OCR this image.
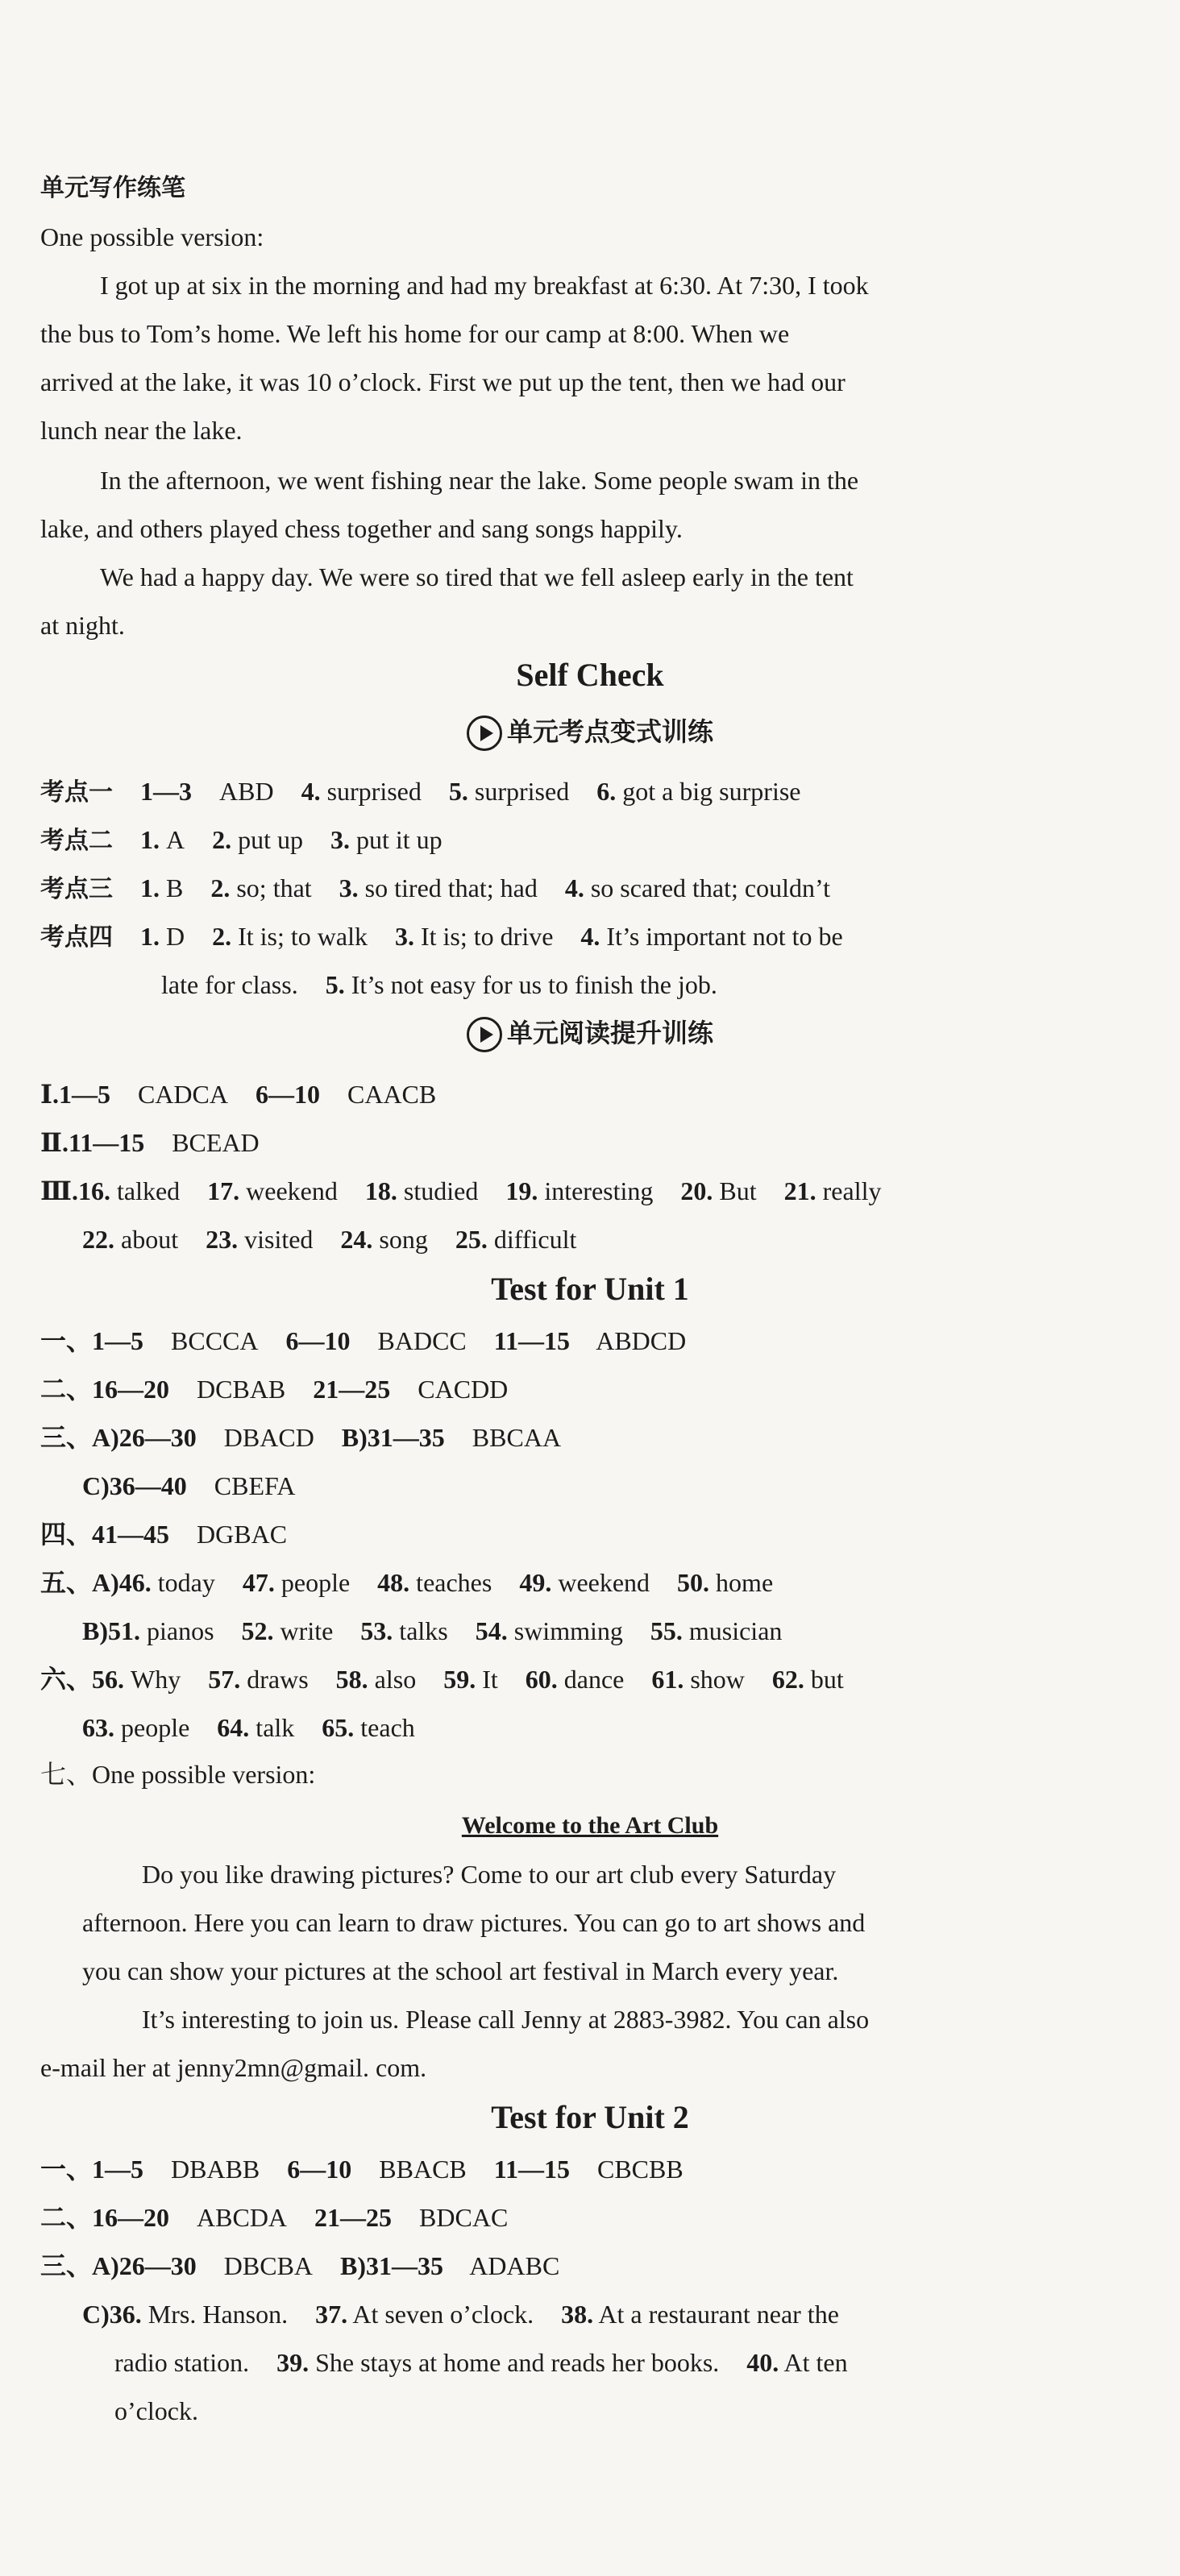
单元写作练笔
One possible version:
I got up at six in the morning and had my breakfast at 6:30. At 7:30, I took
the bus to Tom’s home. We left his home for our camp at 8:00. When we
arrived at the lake, it was 10 o’clock. First we put up the tent, then we had our
lunch near the lake.
In the afternoon, we went fishing near the lake. Some people swam in the
lake, and others played chess together and sang songs happily.
We had a happy day. We were so tired that we fell asleep early in the tent
at night.
Self Check
单元考点变式训练
考点一 1—3 ABD 4. surprised 5. surprised 6. got a big surprise
考点二 1. A 2. put up 3. put it up
考点三 1. B 2. so; that 3. so tired that; had 4. so scared that; couldn’t
考点四 1. D 2. It is; to walk 3. It is; to drive 4. It’s important not to be
late for class. 5. It’s not easy for us to finish the job.
单元阅读提升训练
Ⅰ.1—5 CADCA 6—10 CAACB
Ⅱ.11—15 BCEAD
Ⅲ.16. talked 17. weekend 18. studied 19. interesting 20. But 21. really
22. about 23. visited 24. song 25. difficult
Test for Unit 1
一、1—5 BCCCA 6—10 BADCC 11—15 ABDCD
二、16—20 DCBAB 21—25 CACDD
三、A)26—30 DBACD B)31—35 BBCAA
C)36—40 CBEFA
四、41—45 DGBAC
五、A)46. today 47. people 48. teaches 49. weekend 50. home
B)51. pianos 52. write 53. talks 54. swimming 55. musician
六、56. Why 57. draws 58. also 59. It 60. dance 61. show 62. but
63. people 64. talk 65. teach
七、One possible version:
Welcome to the Art Club
Do you like drawing pictures? Come to our art club every Saturday
afternoon. Here you can learn to draw pictures. You can go to art shows and
you can show your pictures at the school art festival in March every year.
It’s interesting to join us. Please call Jenny at 2883-3982. You can also
e-mail her at jenny2mn@gmail. com.
Test for Unit 2
一、1—5 DBABB 6—10 BBACB 11—15 CBCBB
二、16—20 ABCDA 21—25 BDCAC
三、A)26—30 DBCBA B)31—35 ADABC
C)36. Mrs. Hanson. 37. At seven o’clock. 38. At a restaurant near the
radio station. 39. She stays at home and reads her books. 40. At ten
o’clock.
